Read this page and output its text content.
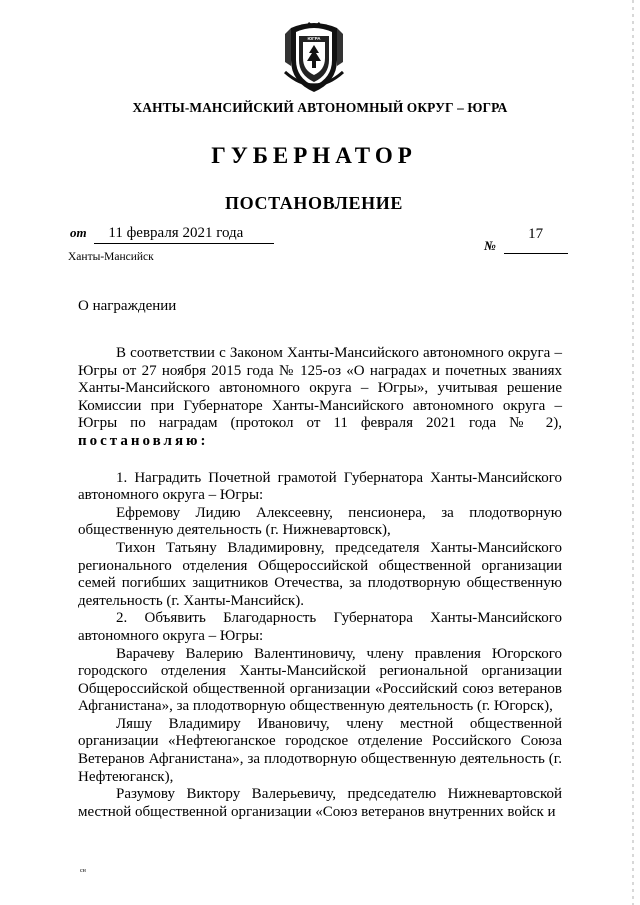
ЮГРА
ХАНТЫ-МАНСИЙСКИЙ АВТОНОМНЫЙ ОКРУГ – ЮГРА
ГУБЕРНАТОР
ПОСТАНОВЛЕНИЕ
от 11 февраля 2021 года
№ 17
Ханты-Мансийск
О награждении

В соответствии с Законом Ханты-Мансийского автономного округа – Югры от 27 ноября 2015 года № 125-оз «О наградах и почетных званиях Ханты-Мансийского автономного округа – Югры», учитывая решение Комиссии при Губернаторе Ханты-Мансийского автономного округа – Югры по наградам (протокол от 11 февраля 2021 года № 2), постановляю:

1. Наградить Почетной грамотой Губернатора Ханты-Мансийского автономного округа – Югры:

Ефремову Лидию Алексеевну, пенсионера, за плодотворную общественную деятельность (г. Нижневартовск),

Тихон Татьяну Владимировну, председателя Ханты-Мансийского регионального отделения Общероссийской общественной организации семей погибших защитников Отечества, за плодотворную общественную деятельность (г. Ханты-Мансийск).

2. Объявить Благодарность Губернатора Ханты-Мансийского автономного округа – Югры:

Варачеву Валерию Валентиновичу, члену правления Югорского городского отделения Ханты-Мансийской региональной организации Общероссийской общественной организации «Российский союз ветеранов Афганистана», за плодотворную общественную деятельность (г. Югорск),

Ляшу Владимиру Ивановичу, члену местной общественной организации «Нефтеюганское городское отделение Российского Союза Ветеранов Афганистана», за плодотворную общественную деятельность (г. Нефтеюганск),

Разумову Виктору Валерьевичу, председателю Нижневартовской местной общественной организации «Союз ветеранов внутренних войск и

сн
